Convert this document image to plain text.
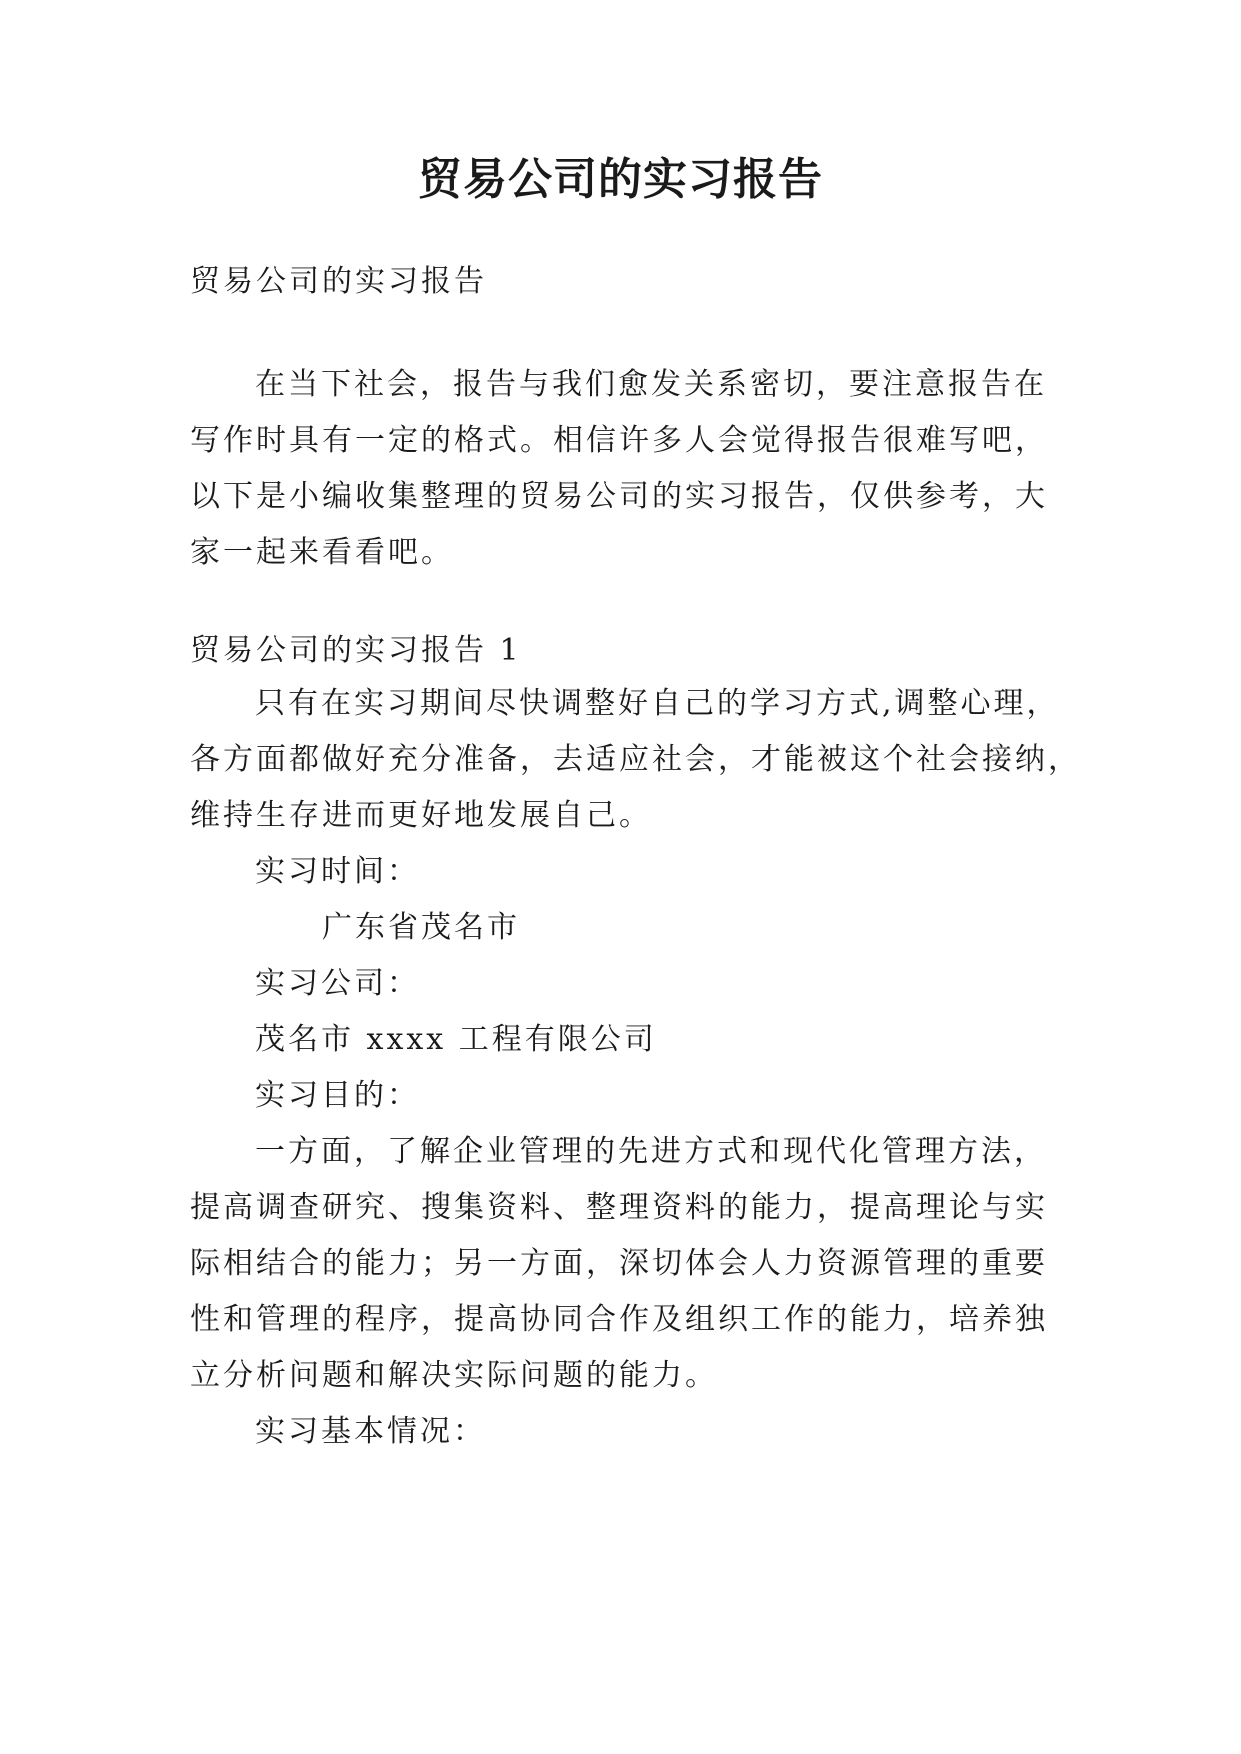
贸易公司的实习报告

贸易公司的实习报告

在当下社会，报告与我们愈发关系密切，要注意报告在

写作时具有一定的格式。相信许多人会觉得报告很难写吧，

以下是小编收集整理的贸易公司的实习报告，仅供参考，大

家一起来看看吧。

贸易公司的实习报告 1

只有在实习期间尽快调整好自己的学习方式,调整心理，

各方面都做好充分准备，去适应社会，才能被这个社会接纳，

维持生存进而更好地发展自己。

实习时间：

广东省茂名市

实习公司：

茂名市 xxxx 工程有限公司

实习目的：

一方面，了解企业管理的先进方式和现代化管理方法，

提高调查研究、搜集资料、整理资料的能力，提高理论与实

际相结合的能力；另一方面，深切体会人力资源管理的重要

性和管理的程序，提高协同合作及组织工作的能力，培养独

立分析问题和解决实际问题的能力。

实习基本情况：
